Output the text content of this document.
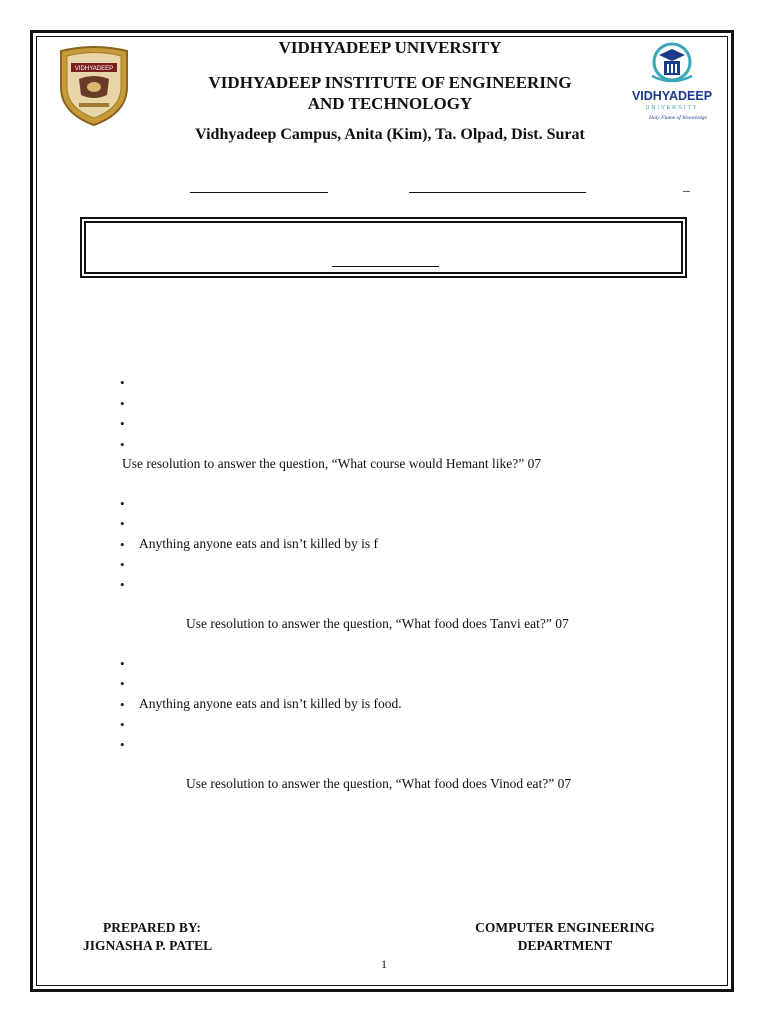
VIDHYADEEP
VIDHYADEEP UNIVERSITY
VIDHYADEEP INSTITUTE OF ENGINEERING
AND TECHNOLOGY
Vidhyadeep Campus, Anita (Kim), Ta. Olpad, Dist. Surat
VIDHYADEEP
UNIVERSITY
Holy Flame of Knowledge
_
•
•
•
•
Use resolution to answer the question, “What course would Hemant like?” 07
•
•
• Anything anyone eats and isn’t killed by is f
•
•
Use resolution to answer the question, “What food does Tanvi eat?” 07
•
•
• Anything anyone eats and isn’t killed by is food.
•
•
Use resolution to answer the question, “What food does Vinod eat?” 07
PREPARED BY:
JIGNASHA P. PATEL
COMPUTER ENGINEERING
DEPARTMENT
1
